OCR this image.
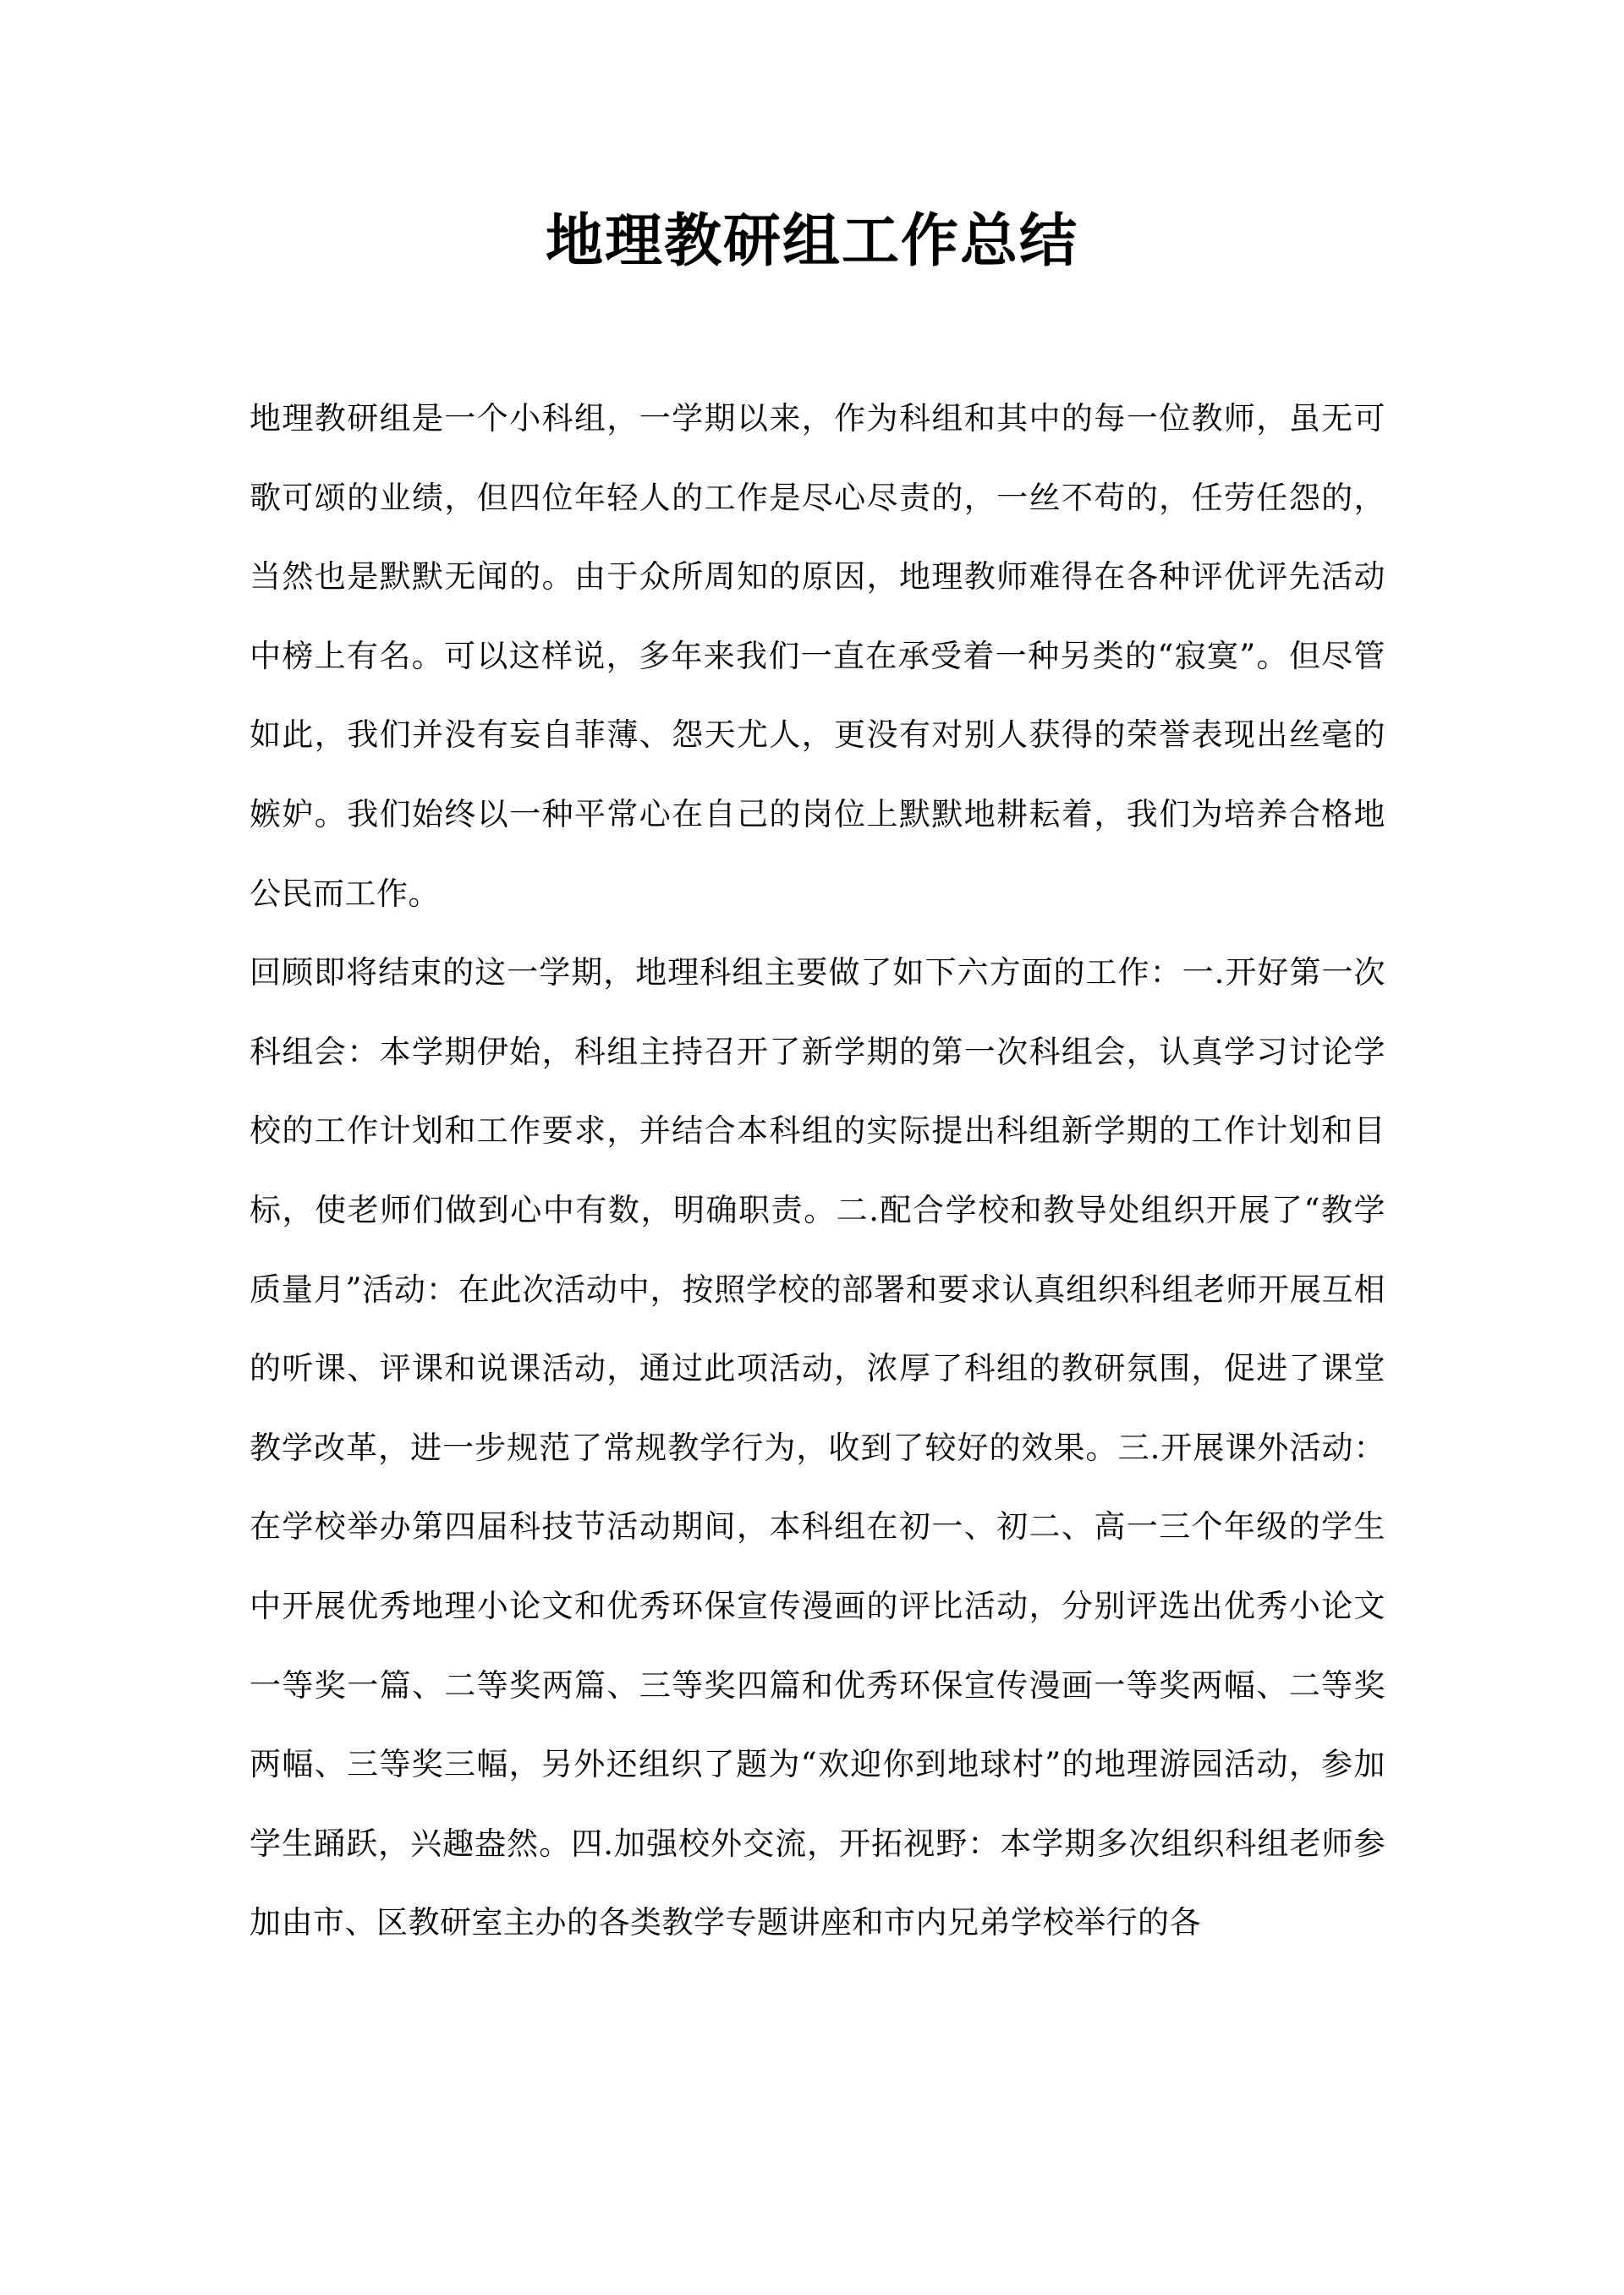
地理教研组工作总结

地理教研组是一个小科组，一学期以来，作为科组和其中的每一位教师，虽无可歌可颂的业绩，但四位年轻人的工作是尽心尽责的，一丝不苟的，任劳任怨的，当然也是默默无闻的。由于众所周知的原因，地理教师难得在各种评优评先活动中榜上有名。可以这样说，多年来我们一直在承受着一种另类的“寂寞”。但尽管如此，我们并没有妄自菲薄、怨天尤人，更没有对别人获得的荣誉表现出丝毫的嫉妒。我们始终以一种平常心在自己的岗位上默默地耕耘着，我们为培养合格地公民而工作。

回顾即将结束的这一学期，地理科组主要做了如下六方面的工作：一.开好第一次科组会：本学期伊始，科组主持召开了新学期的第一次科组会，认真学习讨论学校的工作计划和工作要求，并结合本科组的实际提出科组新学期的工作计划和目标，使老师们做到心中有数，明确职责。二.配合学校和教导处组织开展了“教学质量月”活动：在此次活动中，按照学校的部署和要求认真组织科组老师开展互相的听课、评课和说课活动，通过此项活动，浓厚了科组的教研氛围，促进了课堂教学改革，进一步规范了常规教学行为，收到了较好的效果。三.开展课外活动：在学校举办第四届科技节活动期间，本科组在初一、初二、高一三个年级的学生中开展优秀地理小论文和优秀环保宣传漫画的评比活动，分别评选出优秀小论文一等奖一篇、二等奖两篇、三等奖四篇和优秀环保宣传漫画一等奖两幅、二等奖两幅、三等奖三幅，另外还组织了题为“欢迎你到地球村”的地理游园活动，参加学生踊跃，兴趣盎然。四.加强校外交流，开拓视野：本学期多次组织科组老师参加由市、区教研室主办的各类教学专题讲座和市内兄弟学校举行的各
